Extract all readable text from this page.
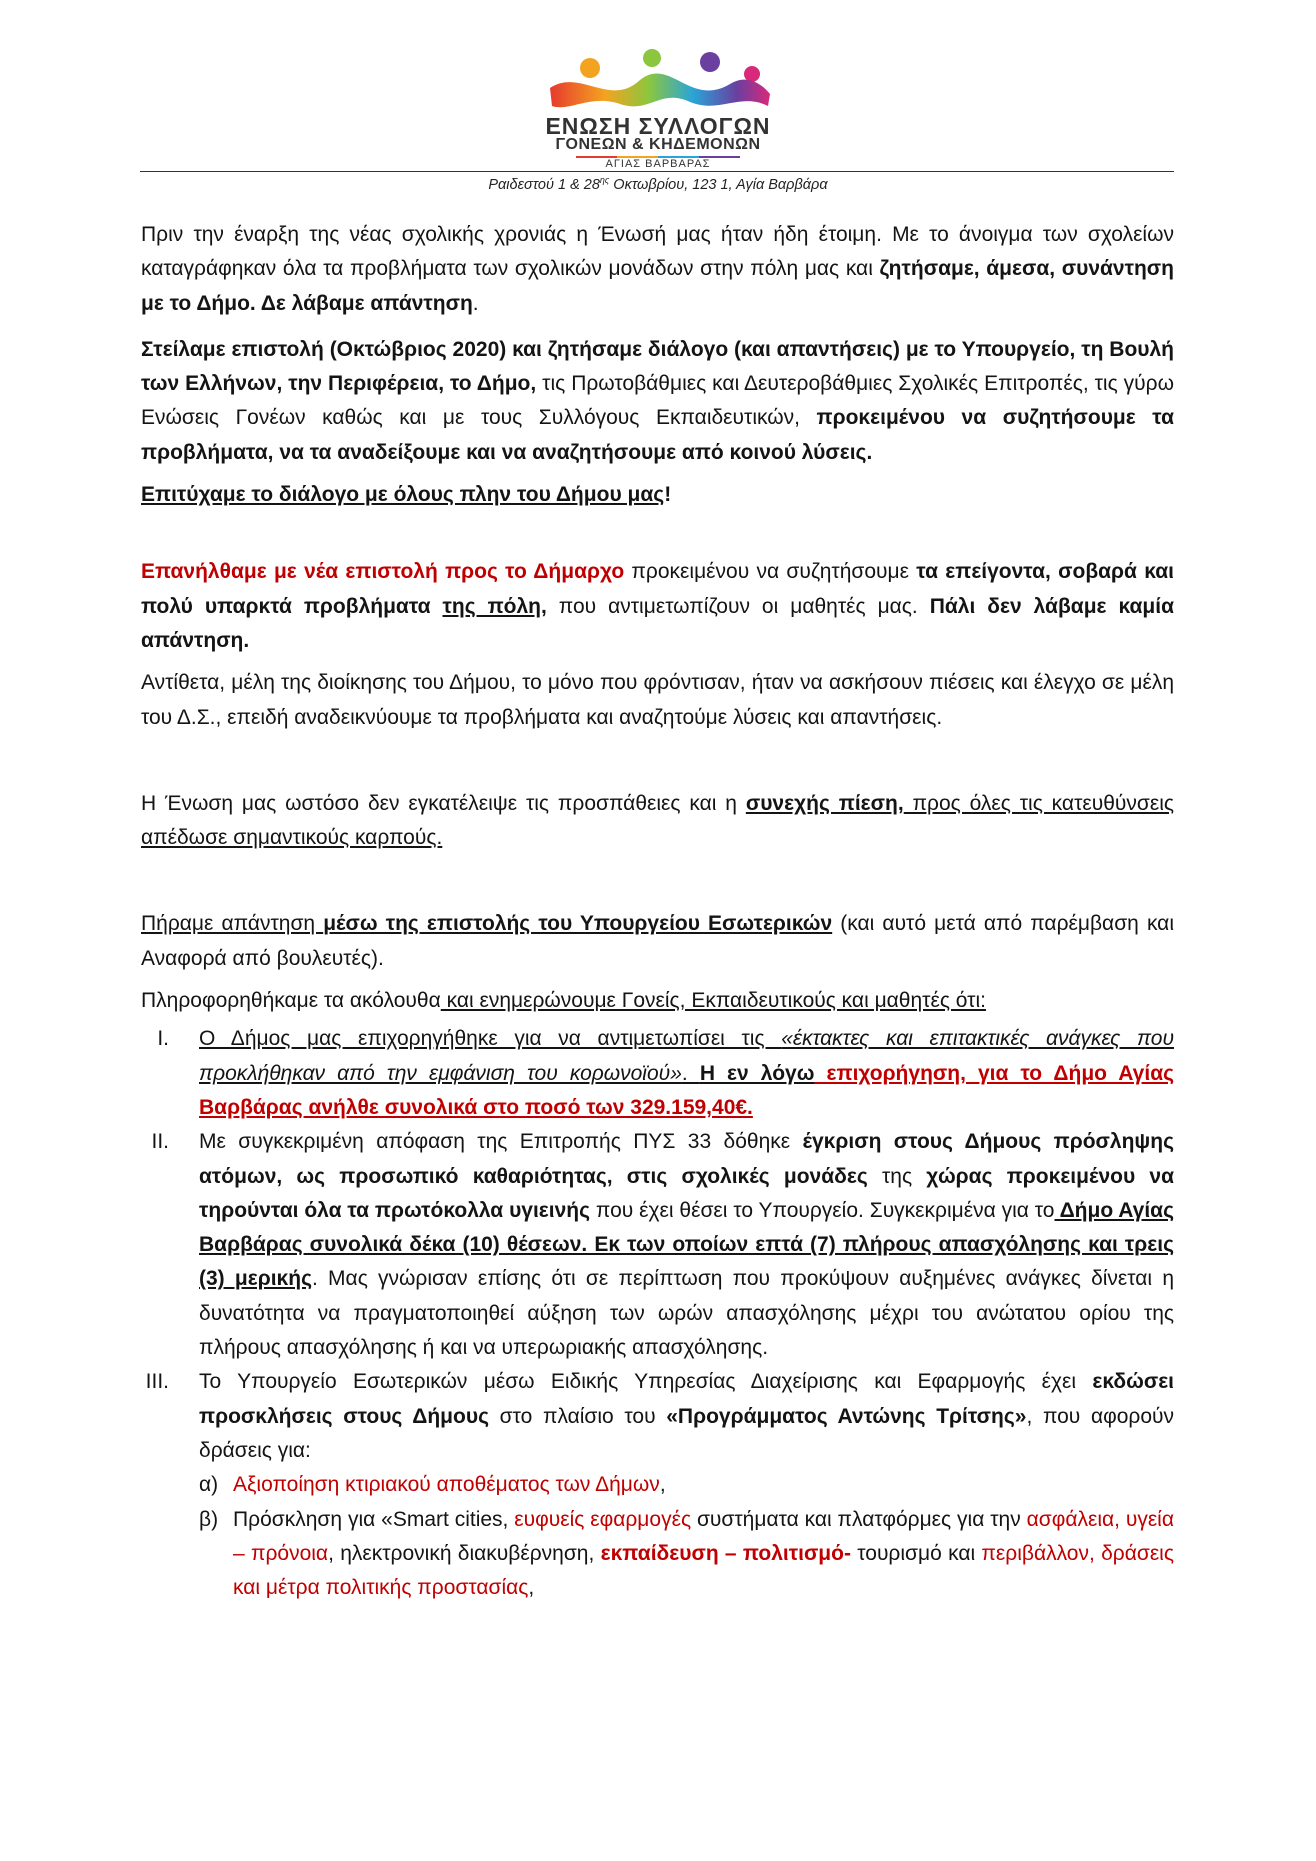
ΕΝΩΣΗ ΣΥΛΛΟΓΩΝ
ΓΟΝΕΩΝ & ΚΗΔΕΜΟΝΩΝ
ΑΓΙΑΣ ΒΑΡΒΑΡΑΣ
Ραιδεστού 1 & $28^{\eta\varsigma}$ Οκτωβρίου, 123 1, Αγία Βαρβάρα

Πριν την έναρξη της νέας σχολικής χρονιάς η Ένωσή μας ήταν ήδη έτοιμη. Με το άνοιγμα των σχολείων καταγράφηκαν όλα τα προβλήματα των σχολικών μονάδων στην πόλη μας και ζητήσαμε, άμεσα, συνάντηση με το Δήμο. Δε λάβαμε απάντηση.

Στείλαμε επιστολή (Οκτώβριος 2020) και ζητήσαμε διάλογο (και απαντήσεις) με το Υπουργείο, τη Βουλή των Ελλήνων, την Περιφέρεια, το Δήμο, τις Πρωτοβάθμιες και Δευτεροβάθμιες Σχολικές Επιτροπές, τις γύρω Ενώσεις Γονέων καθώς και με τους Συλλόγους Εκπαιδευτικών, προκειμένου να συζητήσουμε τα προβλήματα, να τα αναδείξουμε και να αναζητήσουμε από κοινού λύσεις.

Επιτύχαμε το διάλογο με όλους πλην του Δήμου μας!

Επανήλθαμε με νέα επιστολή προς το Δήμαρχο προκειμένου να συζητήσουμε τα επείγοντα, σοβαρά και πολύ υπαρκτά προβλήματα της πόλη, που αντιμετωπίζουν οι μαθητές μας. Πάλι δεν λάβαμε καμία απάντηση.

Αντίθετα, μέλη της διοίκησης του Δήμου, το μόνο που φρόντισαν, ήταν να ασκήσουν πιέσεις και έλεγχο σε μέλη του Δ.Σ., επειδή αναδεικνύουμε τα προβλήματα και αναζητούμε λύσεις και απαντήσεις.

Η Ένωση μας ωστόσο δεν εγκατέλειψε τις προσπάθειες και η συνεχής πίεση, προς όλες τις κατευθύνσεις απέδωσε σημαντικούς καρπούς.

Πήραμε απάντηση μέσω της επιστολής του Υπουργείου Εσωτερικών (και αυτό μετά από παρέμβαση και Αναφορά από βουλευτές).

Πληροφορηθήκαμε τα ακόλουθα και ενημερώνουμε Γονείς, Εκπαιδευτικούς και μαθητές ότι:

I. Ο Δήμος μας επιχορηγήθηκε για να αντιμετωπίσει τις «έκτακτες και επιτακτικές ανάγκες που προκλήθηκαν από την εμφάνιση του κορωνοϊού». Η εν λόγω επιχορήγηση, για το Δήμο Αγίας Βαρβάρας ανήλθε συνολικά στο ποσό των 329.159,40€.
II. Με συγκεκριμένη απόφαση της Επιτροπής ΠΥΣ 33 δόθηκε έγκριση στους Δήμους πρόσληψης ατόμων, ως προσωπικό καθαριότητας, στις σχολικές μονάδες της χώρας προκειμένου να τηρούνται όλα τα πρωτόκολλα υγιεινής που έχει θέσει το Υπουργείο. Συγκεκριμένα για το Δήμο Αγίας Βαρβάρας συνολικά δέκα (10) θέσεων. Εκ των οποίων επτά (7) πλήρους απασχόλησης και τρεις (3) μερικής. Μας γνώρισαν επίσης ότι σε περίπτωση που προκύψουν αυξημένες ανάγκες δίνεται η δυνατότητα να πραγματοποιηθεί αύξηση των ωρών απασχόλησης μέχρι του ανώτατου ορίου της πλήρους απασχόλησης ή και να υπερωριακής απασχόλησης.
III. Το Υπουργείο Εσωτερικών μέσω Ειδικής Υπηρεσίας Διαχείρισης και Εφαρμογής έχει εκδώσει προσκλήσεις στους Δήμους στο πλαίσιο του «Προγράμματος Αντώνης Τρίτσης», που αφορούν δράσεις για:
α) Αξιοποίηση κτιριακού αποθέματος των Δήμων,
β) Πρόσκληση για «Smart cities, ευφυείς εφαρμογές συστήματα και πλατφόρμες για την ασφάλεια, υγεία – πρόνοια, ηλεκτρονική διακυβέρνηση, εκπαίδευση – πολιτισμό- τουρισμό και περιβάλλον, δράσεις και μέτρα πολιτικής προστασίας,
